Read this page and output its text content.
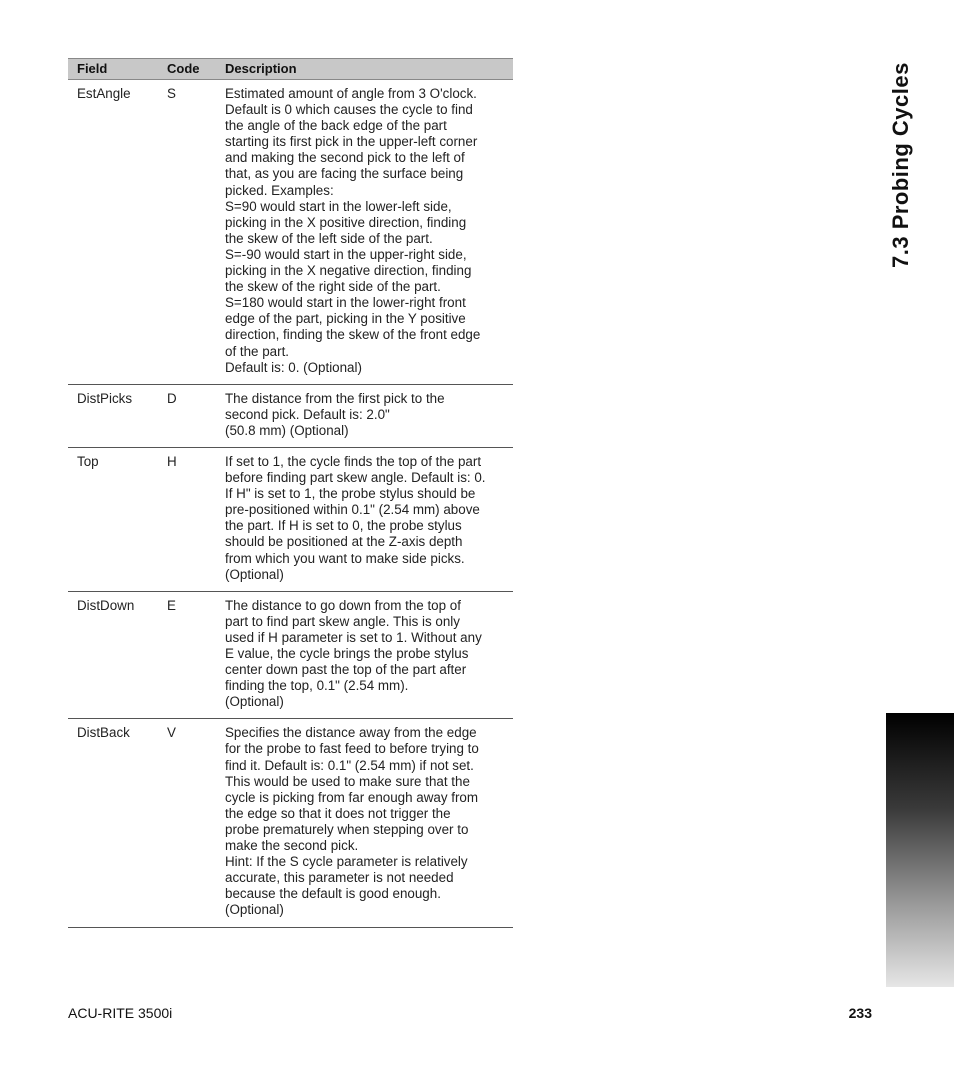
Field	Code	Description
EstAngle	S	Estimated amount of angle from 3 O'clock.
Default is 0 which causes the cycle to find
the angle of the back edge of the part
starting its first pick in the upper-left corner
and making the second pick to the left of
that, as you are facing the surface being
picked. Examples:
S=90 would start in the lower-left side,
picking in the X positive direction, finding
the skew of the left side of the part.
S=-90 would start in the upper-right side,
picking in the X negative direction, finding
the skew of the right side of the part.
S=180 would start in the lower-right front
edge of the part, picking in the Y positive
direction, finding the skew of the front edge
of the part.
Default is: 0. (Optional)
DistPicks	D	The distance from the first pick to the
second pick. Default is: 2.0"
(50.8 mm) (Optional)
Top	H	If set to 1, the cycle finds the top of the part
before finding part skew angle. Default is: 0.
If H" is set to 1, the probe stylus should be
pre-positioned within 0.1" (2.54 mm) above
the part. If H is set to 0, the probe stylus
should be positioned at the Z-axis depth
from which you want to make side picks.
(Optional)
DistDown	E	The distance to go down from the top of
part to find part skew angle. This is only
used if H parameter is set to 1. Without any
E value, the cycle brings the probe stylus
center down past the top of the part after
finding the top, 0.1" (2.54 mm).
(Optional)
DistBack	V	Specifies the distance away from the edge
for the probe to fast feed to before trying to
find it. Default is: 0.1" (2.54 mm) if not set.
This would be used to make sure that the
cycle is picking from far enough away from
the edge so that it does not trigger the
probe prematurely when stepping over to
make the second pick.
Hint: If the S cycle parameter is relatively
accurate, this parameter is not needed
because the default is good enough.
(Optional)
7.3 Probing Cycles
ACU-RITE 3500i	233
